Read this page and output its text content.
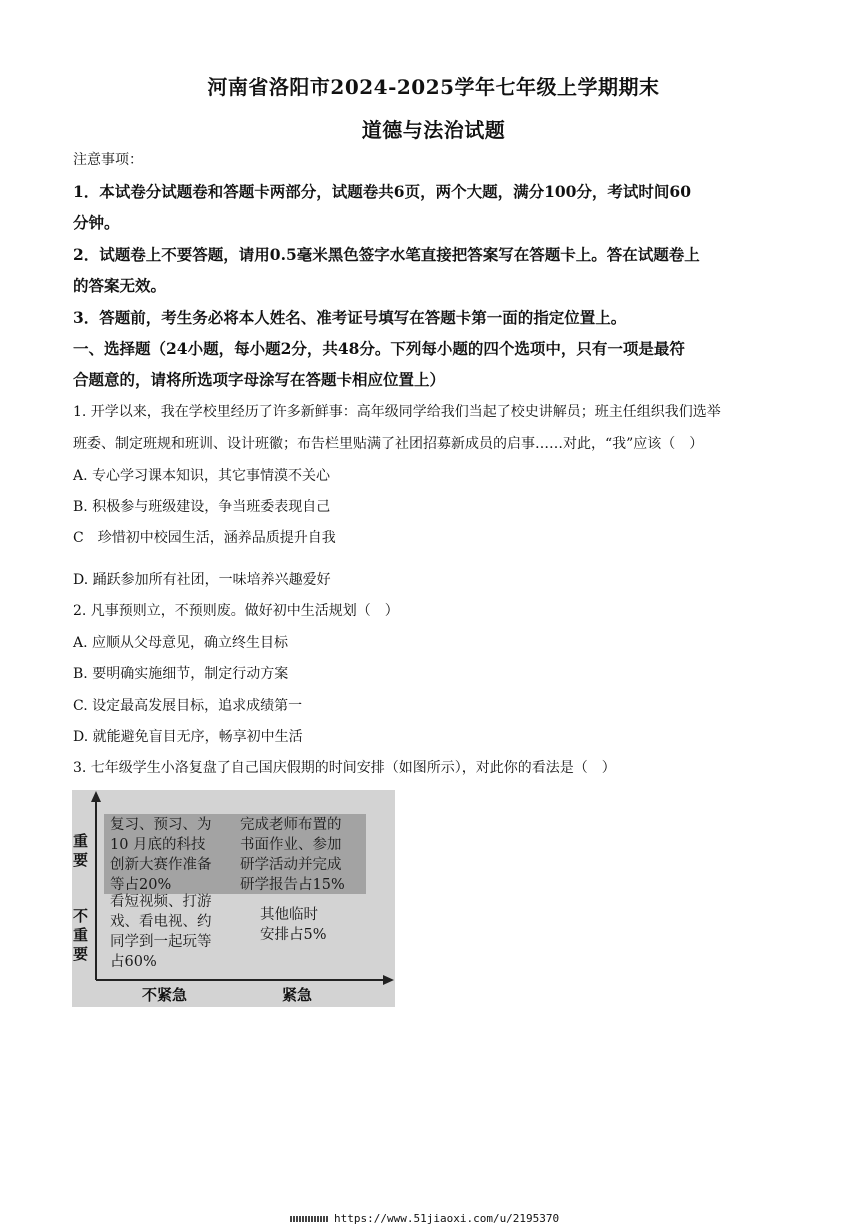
河南省洛阳市2024-2025学年七年级上学期期末
道德与法治试题
注意事项：
1．本试卷分试题卷和答题卡两部分，试题卷共6页，两个大题，满分100分，考试时间60
分钟。
2．试题卷上不要答题，请用0.5毫米黑色签字水笔直接把答案写在答题卡上。答在试题卷上
的答案无效。
3．答题前，考生务必将本人姓名、准考证号填写在答题卡第一面的指定位置上。
一、选择题（24小题，每小题2分，共48分。下列每小题的四个选项中，只有一项是最符
合题意的，请将所选项字母涂写在答题卡相应位置上）
1. 开学以来，我在学校里经历了许多新鲜事：高年级同学给我们当起了校史讲解员；班主任组织我们选举
班委、制定班规和班训、设计班徽；布告栏里贴满了社团招募新成员的启事……对此，“我”应该（　）
A. 专心学习课本知识，其它事情漠不关心
B. 积极参与班级建设，争当班委表现自己
C　珍惜初中校园生活，涵养品质提升自我
D. 踊跃参加所有社团，一味培养兴趣爱好
2. 凡事预则立，不预则废。做好初中生活规划（　）
A. 应顺从父母意见，确立终生目标
B. 要明确实施细节，制定行动方案
C. 设定最高发展目标，追求成绩第一
D. 就能避免盲目无序，畅享初中生活
3. 七年级学生小洛复盘了自己国庆假期的时间安排（如图所示），对此你的看法是（　）
复习、预习、为
10 月底的科技
创新大赛作准备
等占20%
完成老师布置的
书面作业、参加
研学活动并完成
研学报告占15%
看短视频、打游
戏、看电视、约
同学到一起玩等
占60%
其他临时
安排占5%
重要
不重要
不紧急	紧急
https://www.51jiaoxi.com/u/2195370
